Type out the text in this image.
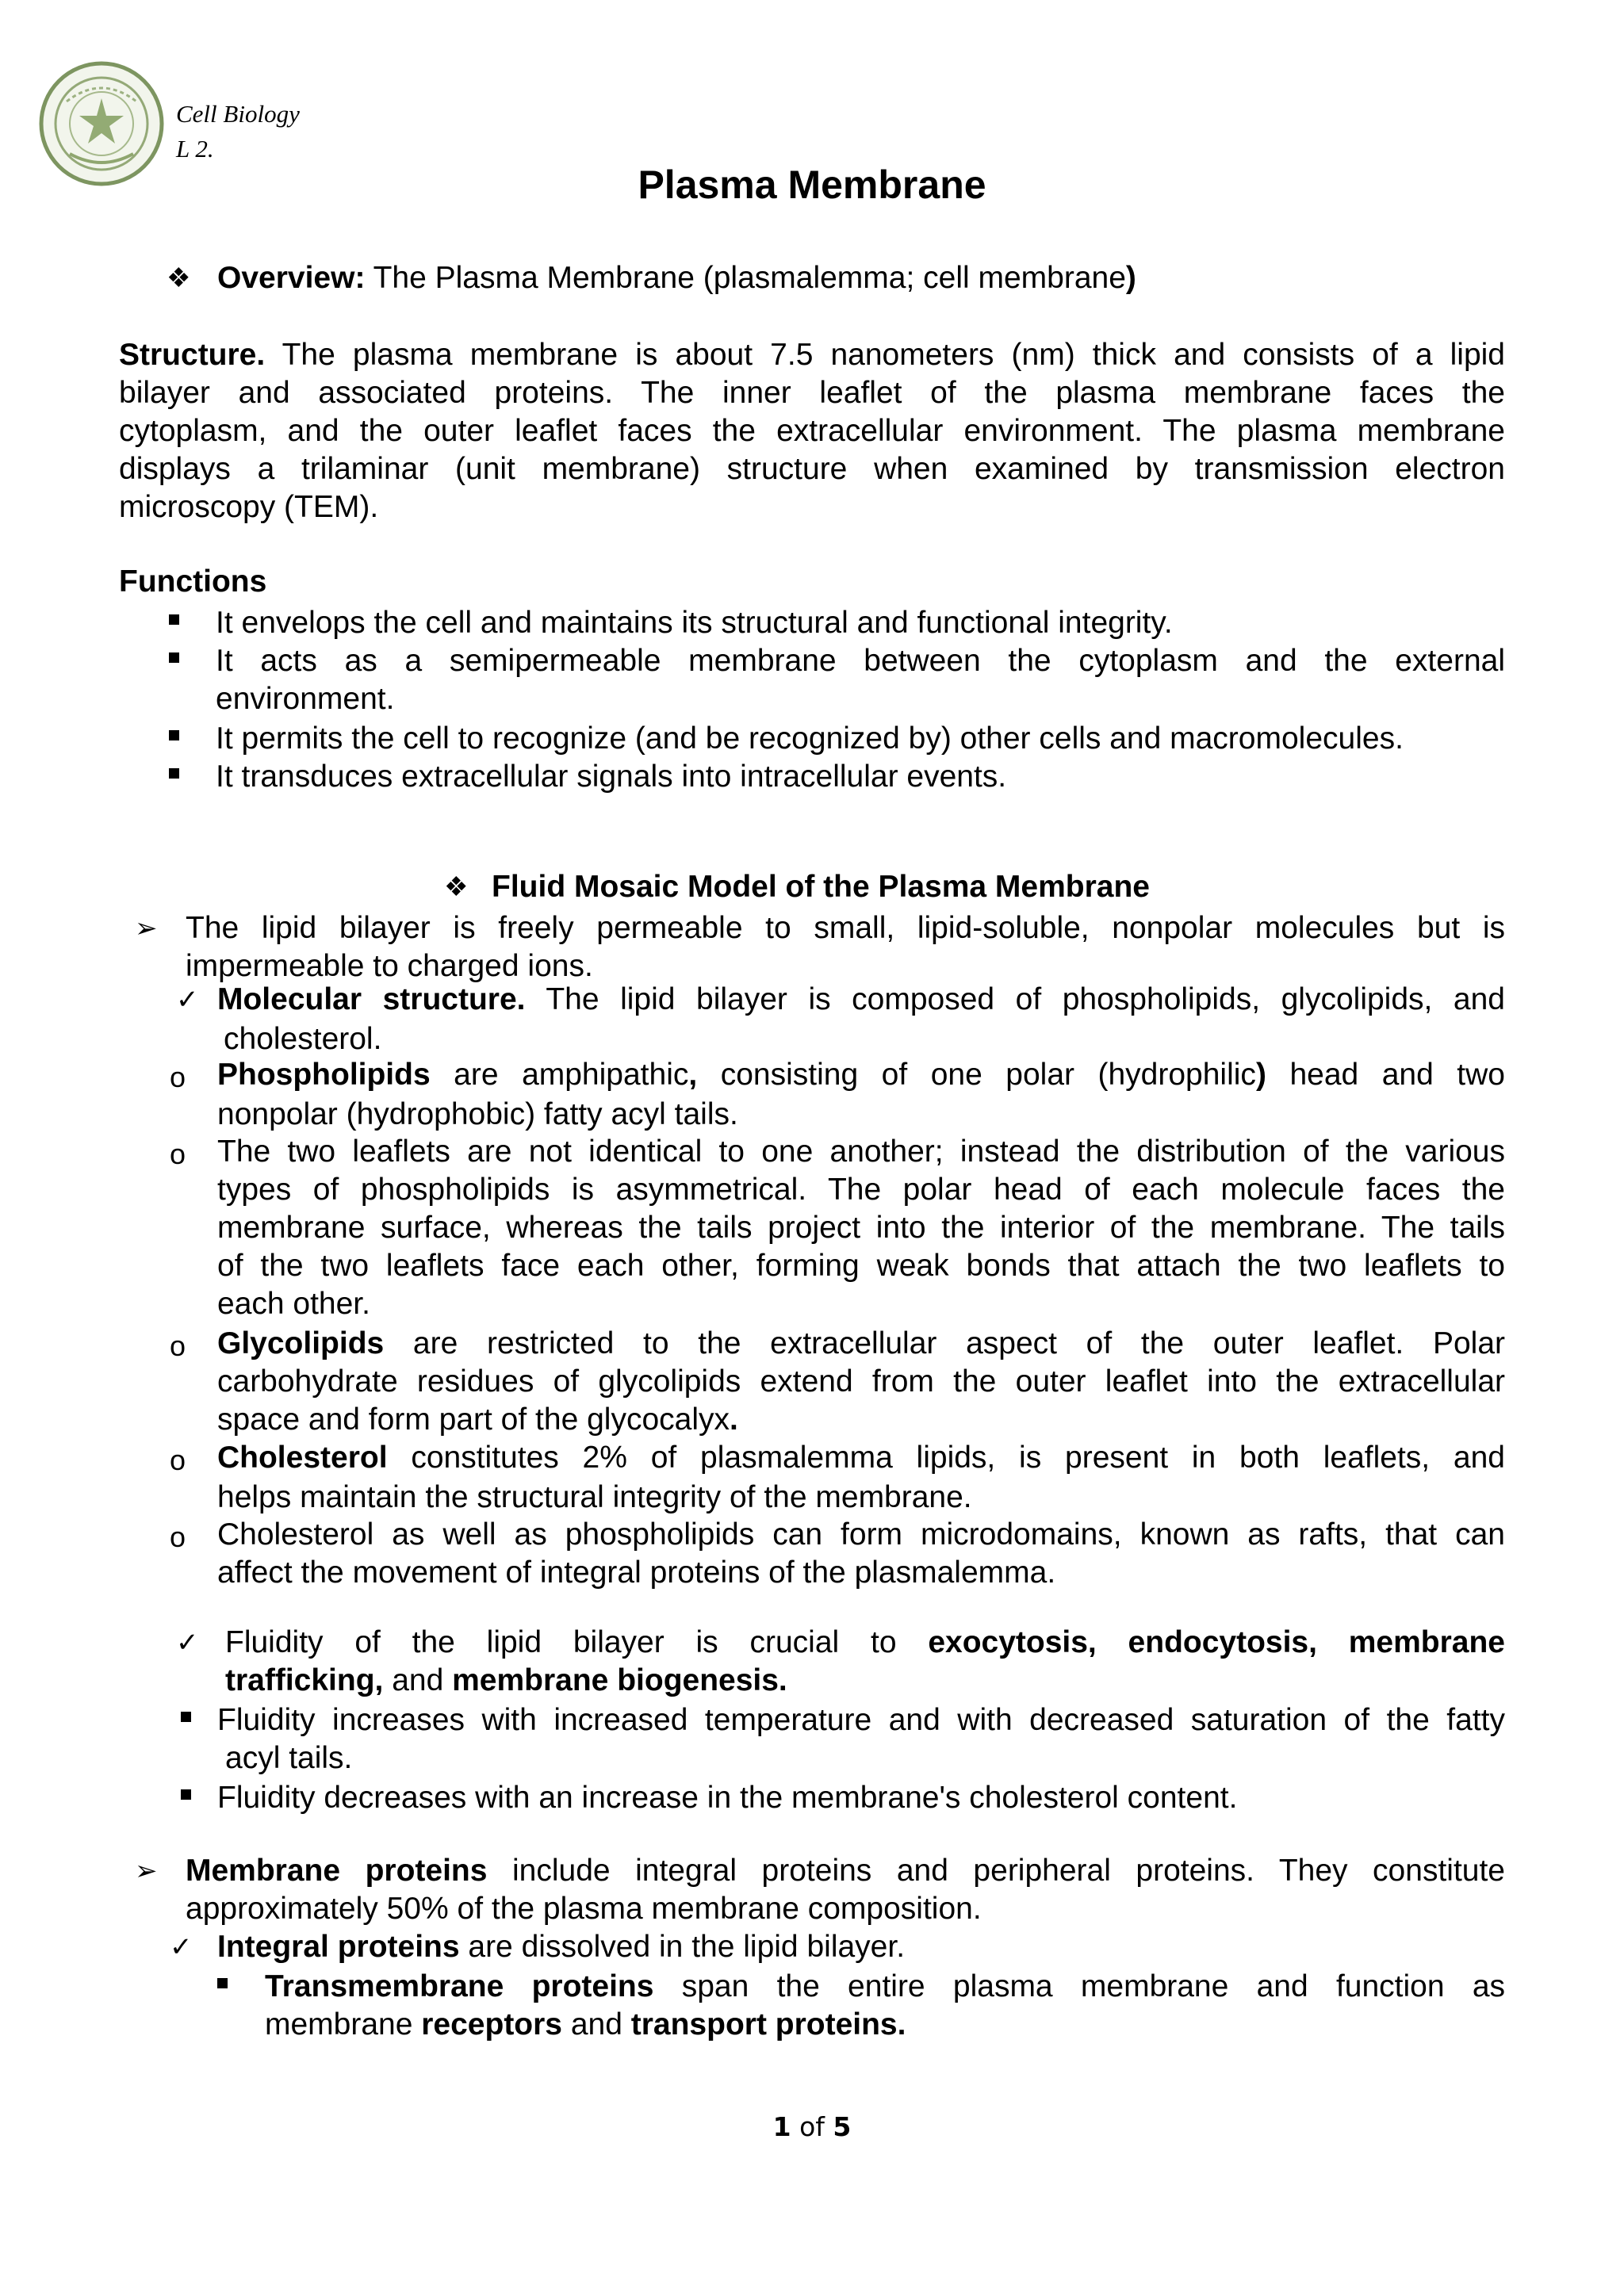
Cell Biology
L 2.
Plasma Membrane
❖ Overview: The Plasma Membrane (plasmalemma; cell membrane)
Structure. The plasma membrane is about 7.5 nanometers (nm) thick and consists of a lipid
bilayer and associated proteins. The inner leaflet of the plasma membrane faces the
cytoplasm, and the outer leaflet faces the extracellular environment. The plasma membrane
displays a trilaminar (unit membrane) structure when examined by transmission electron
microscopy (TEM).
Functions
It envelops the cell and maintains its structural and functional integrity.
It acts as a semipermeable membrane between the cytoplasm and the external
environment.
It permits the cell to recognize (and be recognized by) other cells and macromolecules.
It transduces extracellular signals into intracellular events.
❖ Fluid Mosaic Model of the Plasma Membrane
➢ The lipid bilayer is freely permeable to small, lipid-soluble, nonpolar molecules but is
impermeable to charged ions.
✓ Molecular structure. The lipid bilayer is composed of phospholipids, glycolipids, and
cholesterol.
o Phospholipids are amphipathic, consisting of one polar (hydrophilic) head and two
nonpolar (hydrophobic) fatty acyl tails.
o The two leaflets are not identical to one another; instead the distribution of the various
types of phospholipids is asymmetrical. The polar head of each molecule faces the
membrane surface, whereas the tails project into the interior of the membrane. The tails
of the two leaflets face each other, forming weak bonds that attach the two leaflets to
each other.
o Glycolipids are restricted to the extracellular aspect of the outer leaflet. Polar
carbohydrate residues of glycolipids extend from the outer leaflet into the extracellular
space and form part of the glycocalyx.
o Cholesterol constitutes 2% of plasmalemma lipids, is present in both leaflets, and
helps maintain the structural integrity of the membrane.
o Cholesterol as well as phospholipids can form microdomains, known as rafts, that can
affect the movement of integral proteins of the plasmalemma.
✓ Fluidity of the lipid bilayer is crucial to exocytosis, endocytosis, membrane
trafficking, and membrane biogenesis.
Fluidity increases with increased temperature and with decreased saturation of the fatty
acyl tails.
Fluidity decreases with an increase in the membrane's cholesterol content.
➢ Membrane proteins include integral proteins and peripheral proteins. They constitute
approximately 50% of the plasma membrane composition.
✓ Integral proteins are dissolved in the lipid bilayer.
Transmembrane proteins span the entire plasma membrane and function as
membrane receptors and transport proteins.
1 of 5
